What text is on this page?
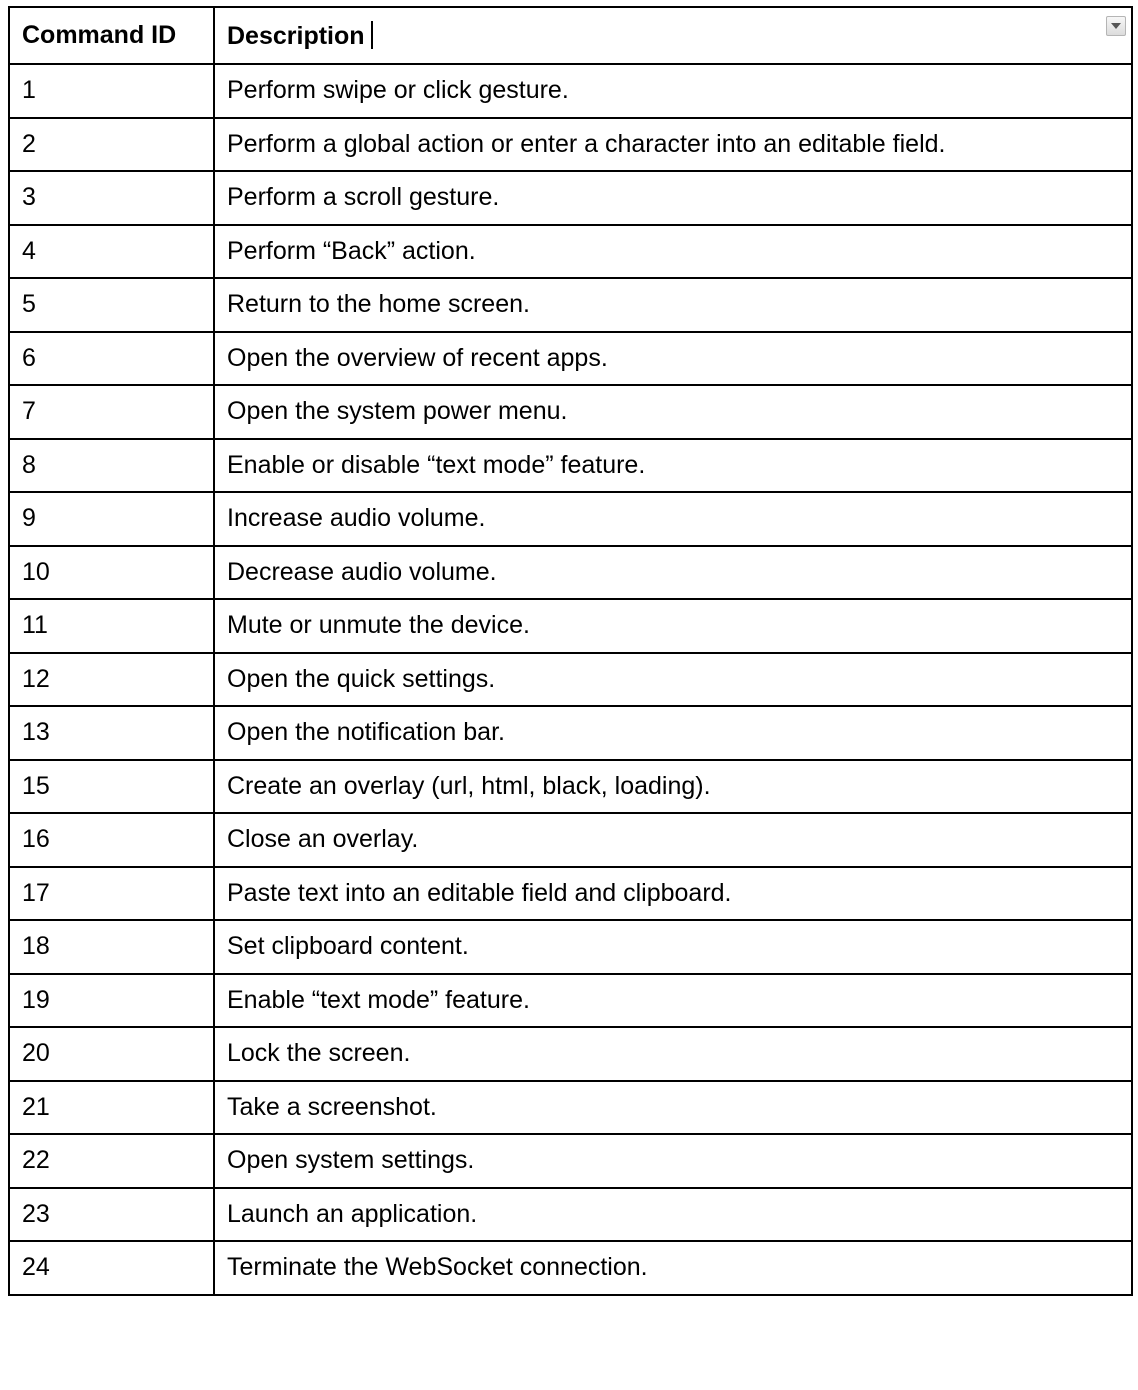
Command ID	Description

1	Perform swipe or click gesture.
2	Perform a global action or enter a character into an editable field.
3	Perform a scroll gesture.
4	Perform “Back” action.
5	Return to the home screen.
6	Open the overview of recent apps.
7	Open the system power menu.
8	Enable or disable “text mode” feature.
9	Increase audio volume.
10	Decrease audio volume.
11	Mute or unmute the device.
12	Open the quick settings.
13	Open the notification bar.
15	Create an overlay (url, html, black, loading).
16	Close an overlay.
17	Paste text into an editable field and clipboard.
18	Set clipboard content.
19	Enable “text mode” feature.
20	Lock the screen.
21	Take a screenshot.
22	Open system settings.
23	Launch an application.
24	Terminate the WebSocket connection.
